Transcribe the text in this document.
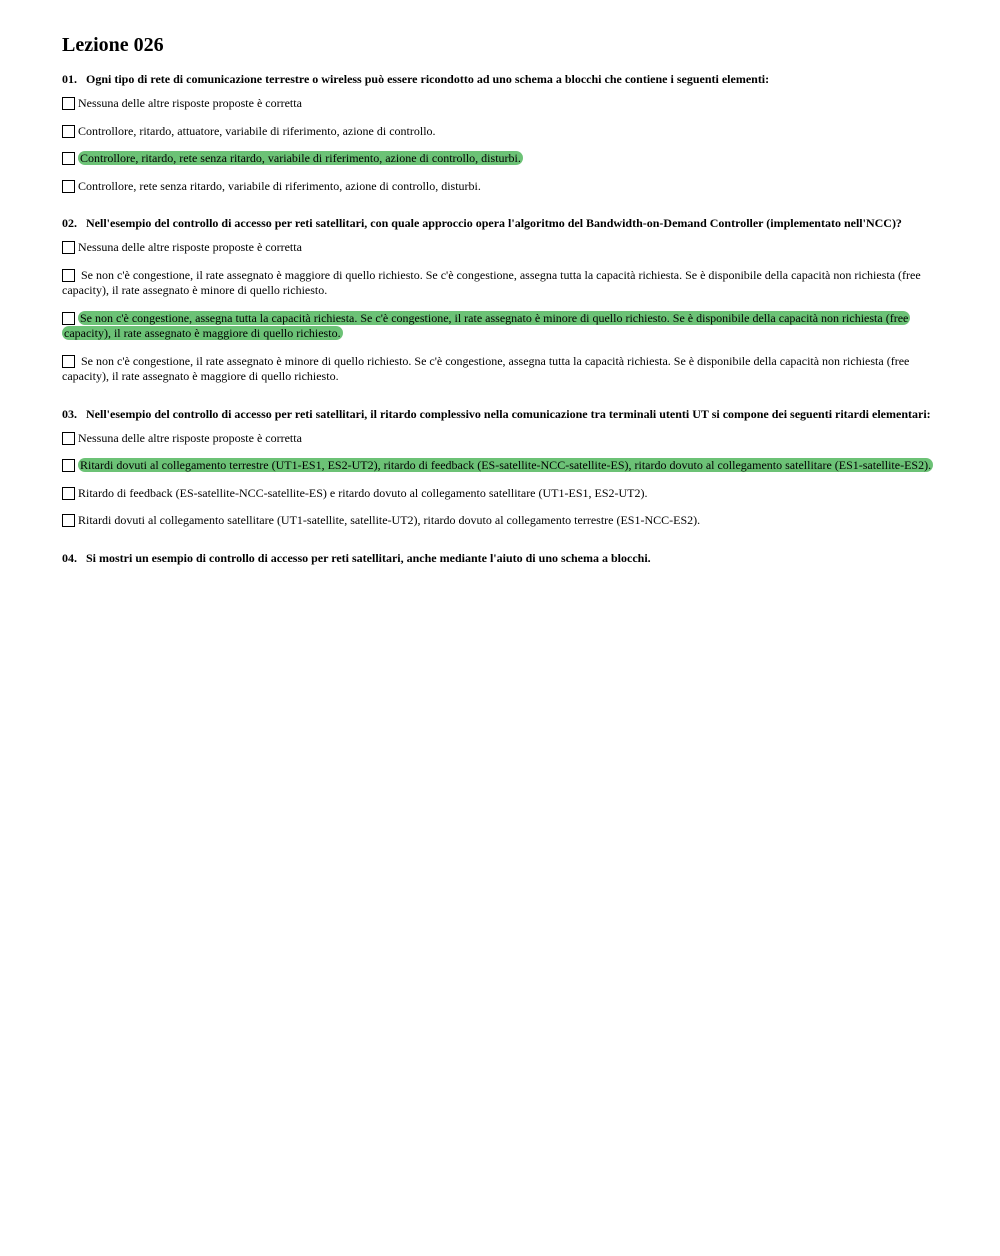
Lezione 026
01. Ogni tipo di rete di comunicazione terrestre o wireless può essere ricondotto ad uno schema a blocchi che contiene i seguenti elementi:
Nessuna delle altre risposte proposte è corretta
Controllore, ritardo, attuatore, variabile di riferimento, azione di controllo.
Controllore, ritardo, rete senza ritardo, variabile di riferimento, azione di controllo, disturbi.
Controllore, rete senza ritardo, variabile di riferimento, azione di controllo, disturbi.
02. Nell'esempio del controllo di accesso per reti satellitari, con quale approccio opera l'algoritmo del Bandwidth-on-Demand Controller (implementato nell'NCC)?
Nessuna delle altre risposte proposte è corretta
Se non c'è congestione, il rate assegnato è maggiore di quello richiesto. Se c'è congestione, assegna tutta la capacità richiesta. Se è disponibile della capacità non richiesta (free capacity), il rate assegnato è minore di quello richiesto.
Se non c'è congestione, assegna tutta la capacità richiesta. Se c'è congestione, il rate assegnato è minore di quello richiesto. Se è disponibile della capacità non richiesta (free capacity), il rate assegnato è maggiore di quello richiesto.
Se non c'è congestione, il rate assegnato è minore di quello richiesto. Se c'è congestione, assegna tutta la capacità richiesta. Se è disponibile della capacità non richiesta (free capacity), il rate assegnato è maggiore di quello richiesto.
03. Nell'esempio del controllo di accesso per reti satellitari, il ritardo complessivo nella comunicazione tra terminali utenti UT si compone dei seguenti ritardi elementari:
Nessuna delle altre risposte proposte è corretta
Ritardi dovuti al collegamento terrestre (UT1-ES1, ES2-UT2), ritardo di feedback (ES-satellite-NCC-satellite-ES), ritardo dovuto al collegamento satellitare (ES1-satellite-ES2).
Ritardo di feedback (ES-satellite-NCC-satellite-ES) e ritardo dovuto al collegamento satellitare (UT1-ES1, ES2-UT2).
Ritardi dovuti al collegamento satellitare (UT1-satellite, satellite-UT2), ritardo dovuto al collegamento terrestre (ES1-NCC-ES2).
04. Si mostri un esempio di controllo di accesso per reti satellitari, anche mediante l'aiuto di uno schema a blocchi.
